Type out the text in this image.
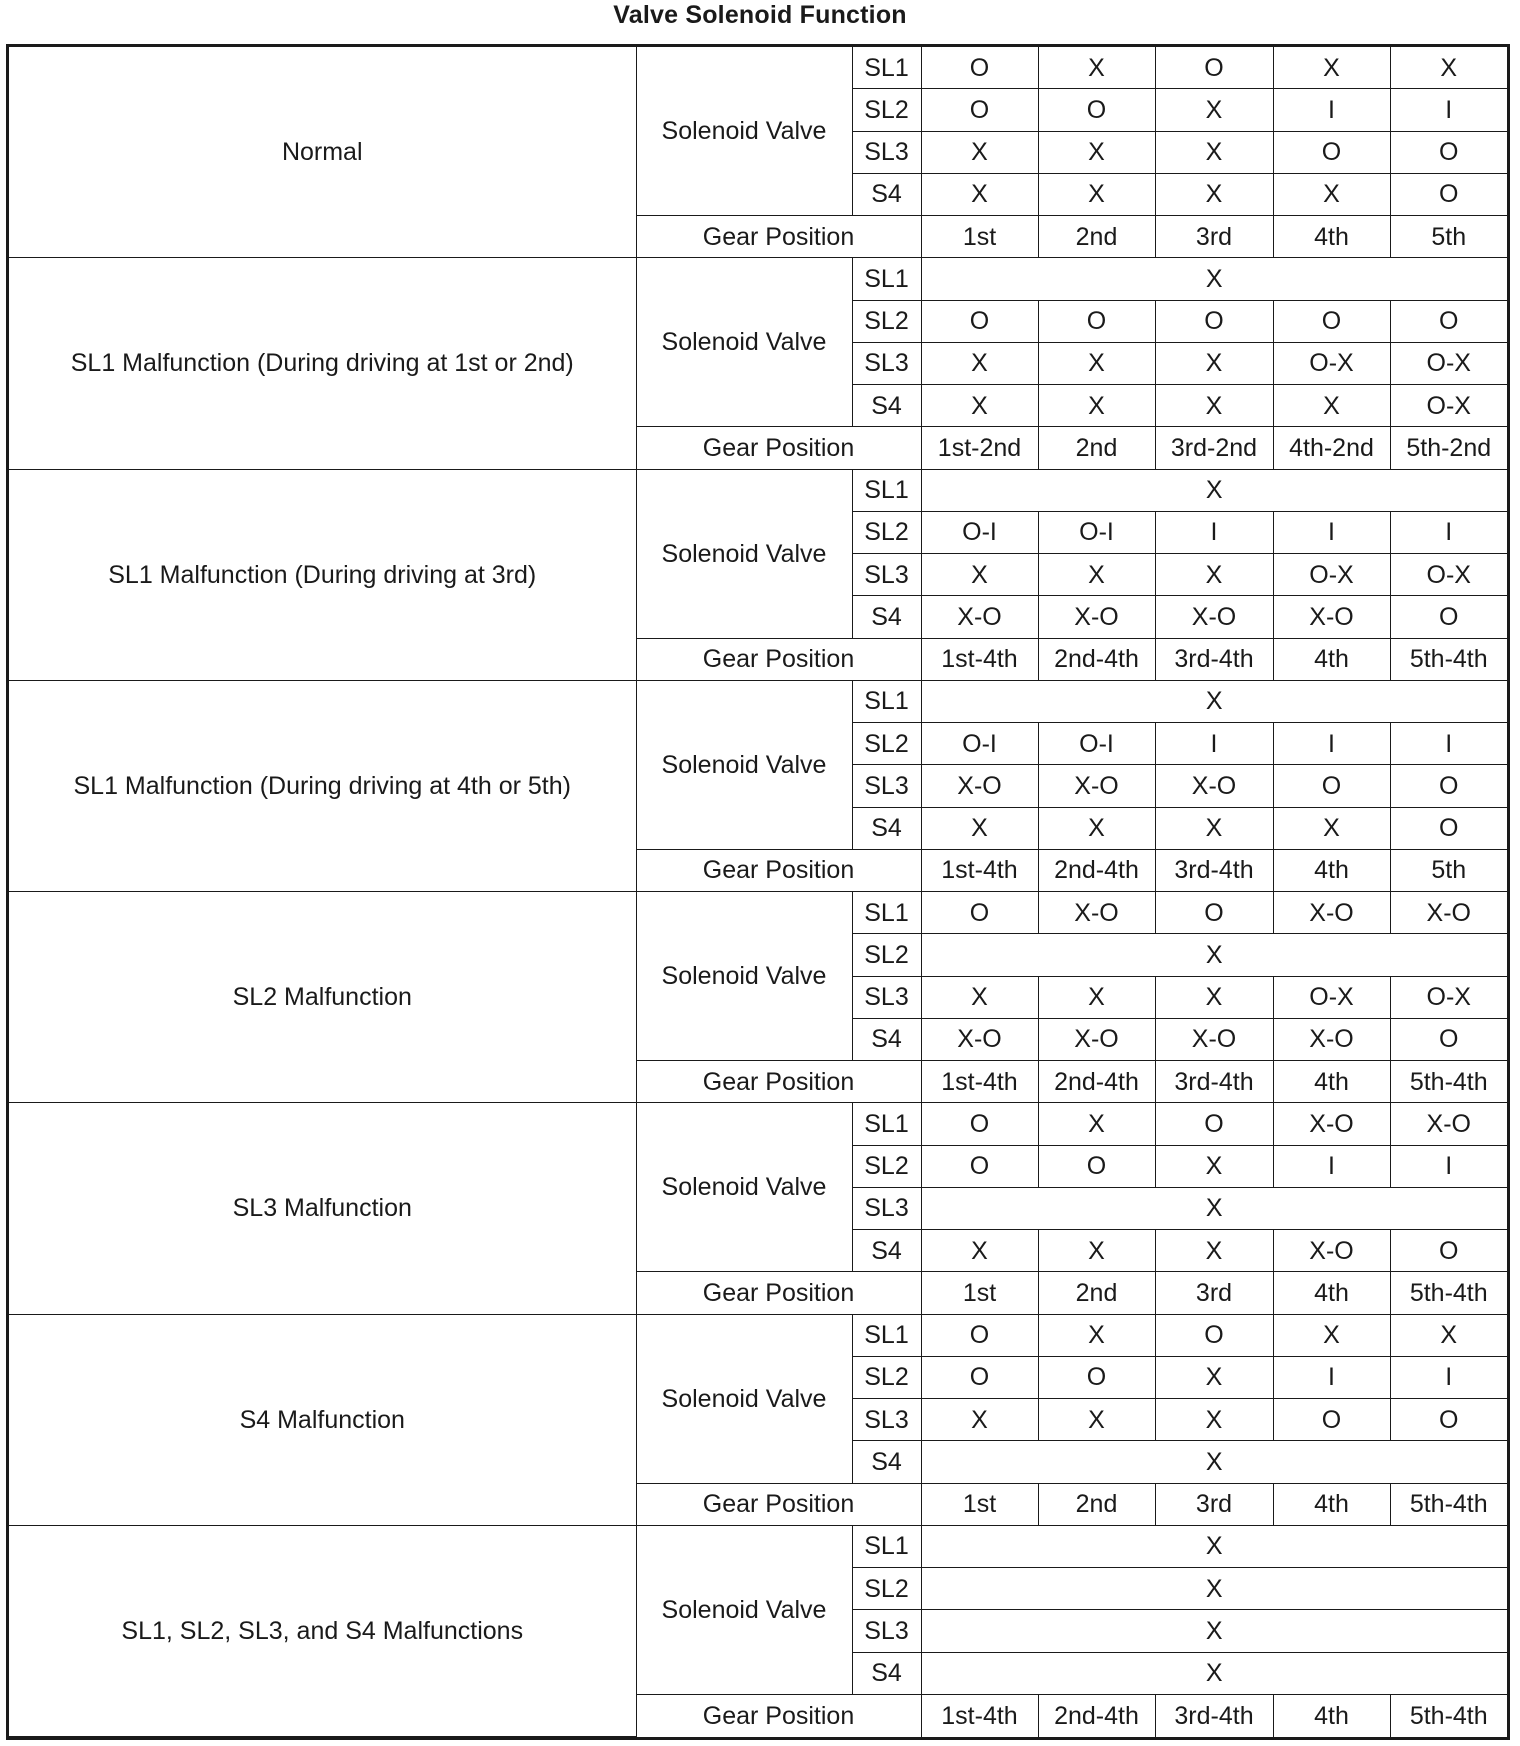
Valve Solenoid Function
Normal	Solenoid Valve	SL1	O	X	O	X	X
		SL2	O	O	X	I	I
		SL3	X	X	X	O	O
		S4	X	X	X	X	O
	Gear Position		1st	2nd	3rd	4th	5th
SL1 Malfunction (During driving at 1st or 2nd)	Solenoid Valve	SL1	X				
		SL2	O	O	O	O	O
		SL3	X	X	X	O-X	O-X
		S4	X	X	X	X	O-X
	Gear Position		1st-2nd	2nd	3rd-2nd	4th-2nd	5th-2nd
SL1 Malfunction (During driving at 3rd)	Solenoid Valve	SL1	X				
		SL2	O-I	O-I	I	I	I
		SL3	X	X	X	O-X	O-X
		S4	X-O	X-O	X-O	X-O	O
	Gear Position		1st-4th	2nd-4th	3rd-4th	4th	5th-4th
SL1 Malfunction (During driving at 4th or 5th)	Solenoid Valve	SL1	X				
		SL2	O-I	O-I	I	I	I
		SL3	X-O	X-O	X-O	O	O
		S4	X	X	X	X	O
	Gear Position		1st-4th	2nd-4th	3rd-4th	4th	5th
SL2 Malfunction	Solenoid Valve	SL1	O	X-O	O	X-O	X-O
		SL2	X				
		SL3	X	X	X	O-X	O-X
		S4	X-O	X-O	X-O	X-O	O
	Gear Position		1st-4th	2nd-4th	3rd-4th	4th	5th-4th
SL3 Malfunction	Solenoid Valve	SL1	O	X	O	X-O	X-O
		SL2	O	O	X	I	I
		SL3	X				
		S4	X	X	X	X-O	O
	Gear Position		1st	2nd	3rd	4th	5th-4th
S4 Malfunction	Solenoid Valve	SL1	O	X	O	X	X
		SL2	O	O	X	I	I
		SL3	X	X	X	O	O
		S4	X				
	Gear Position		1st	2nd	3rd	4th	5th-4th
SL1, SL2, SL3, and S4 Malfunctions	Solenoid Valve	SL1	X				
		SL2	X				
		SL3	X				
		S4	X				
	Gear Position		1st-4th	2nd-4th	3rd-4th	4th	5th-4th
